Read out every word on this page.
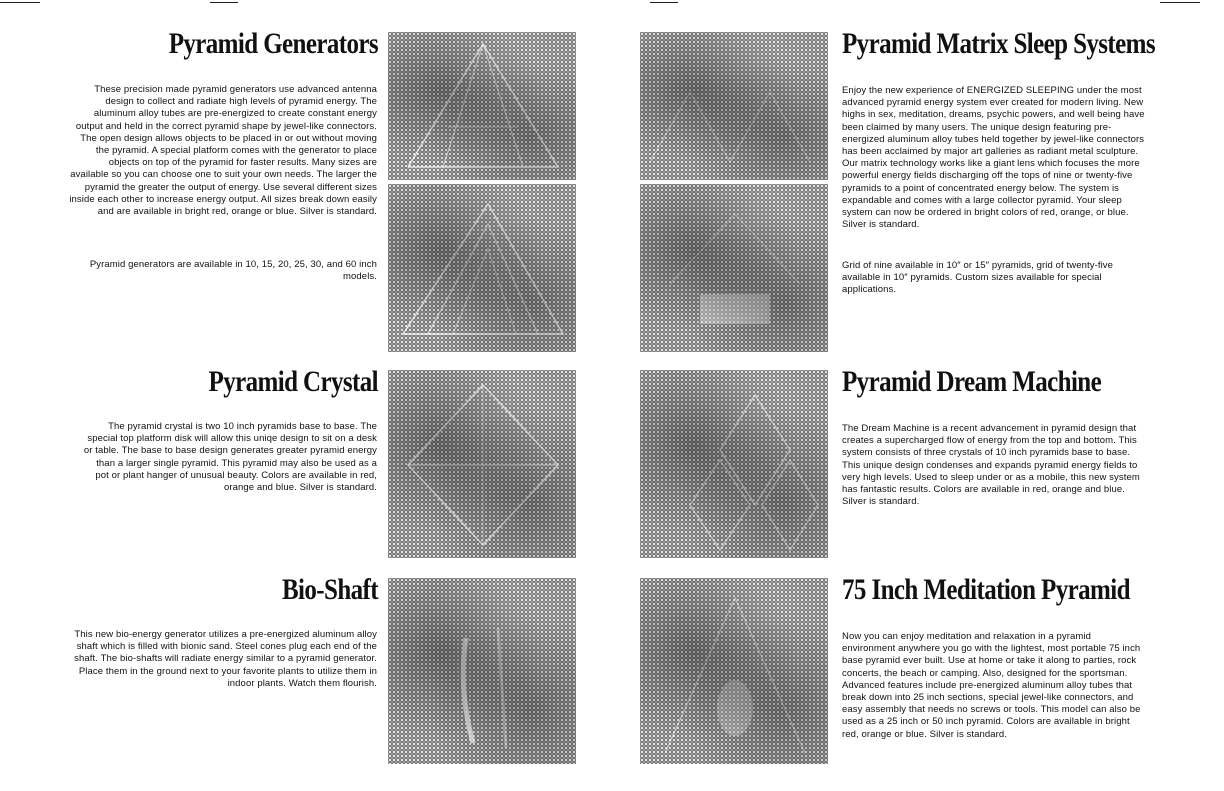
Pyramid Generators

These precision made pyramid generators use advanced antenna design to collect and radiate high levels of pyramid energy. The aluminum alloy tubes are pre-energized to create constant energy output and held in the correct pyramid shape by jewel-like connectors. The open design allows objects to be placed in or out without moving the pyramid. A special platform comes with the generator to place objects on top of the pyramid for faster results. Many sizes are available so you can choose one to suit your own needs. The larger the pyramid the greater the output of energy. Use several different sizes inside each other to increase energy output. All sizes break down easily and are available in bright red, orange or blue. Silver is standard.

Pyramid generators are available in 10, 15, 20, 25, 30, and 60 inch models.

Pyramid Crystal

The pyramid crystal is two 10 inch pyramids base to base. The special top platform disk will allow this uniqe design to sit on a desk or table. The base to base design generates greater pyramid energy than a larger single pyramid. This pyramid may also be used as a pot or plant hanger of unusual beauty. Colors are available in red, orange and blue. Silver is standard.

Bio-Shaft

This new bio-energy generator utilizes a pre-energized aluminum alloy shaft which is filled with bionic sand. Steel cones plug each end of the shaft. The bio-shafts will radiate energy similar to a pyramid generator. Place them in the ground next to your favorite plants to utilize them in indoor plants. Watch them flourish.

Pyramid Matrix Sleep Systems

Enjoy the new experience of ENERGIZED SLEEPING under the most advanced pyramid energy system ever created for modern living. New highs in sex, meditation, dreams, psychic powers, and well being have been claimed by many users. The unique design featuring pre-energized aluminum alloy tubes held together by jewel-like connectors has been acclaimed by major art galleries as radiant metal sculpture. Our matrix technology works like a giant lens which focuses the more powerful energy fields discharging off the tops of nine or twenty-five pyramids to a point of concentrated energy below. The system is expandable and comes with a large collector pyramid. Your sleep system can now be ordered in bright colors of red, orange, or blue. Silver is standard.

Grid of nine available in 10″ or 15″ pyramids, grid of twenty-five available in 10″ pyramids. Custom sizes available for special applications.

Pyramid Dream Machine

The Dream Machine is a recent advancement in pyramid design that creates a supercharged flow of energy from the top and bottom. This system consists of three crystals of 10 inch pyramids base to base. This unique design condenses and expands pyramid energy fields to very high levels. Used to sleep under or as a mobile, this new system has fantastic results. Colors are available in red, orange and blue. Silver is standard.

75 Inch Meditation Pyramid

Now you can enjoy meditation and relaxation in a pyramid environment anywhere you go with the lightest, most portable 75 inch base pyramid ever built. Use at home or take it along to parties, rock concerts, the beach or camping. Also, designed for the sportsman. Advanced features include pre-energized aluminum alloy tubes that break down into 25 inch sections, special jewel-like connectors, and easy assembly that needs no screws or tools. This model can also be used as a 25 inch or 50 inch pyramid. Colors are available in bright red, orange or blue. Silver is standard.
